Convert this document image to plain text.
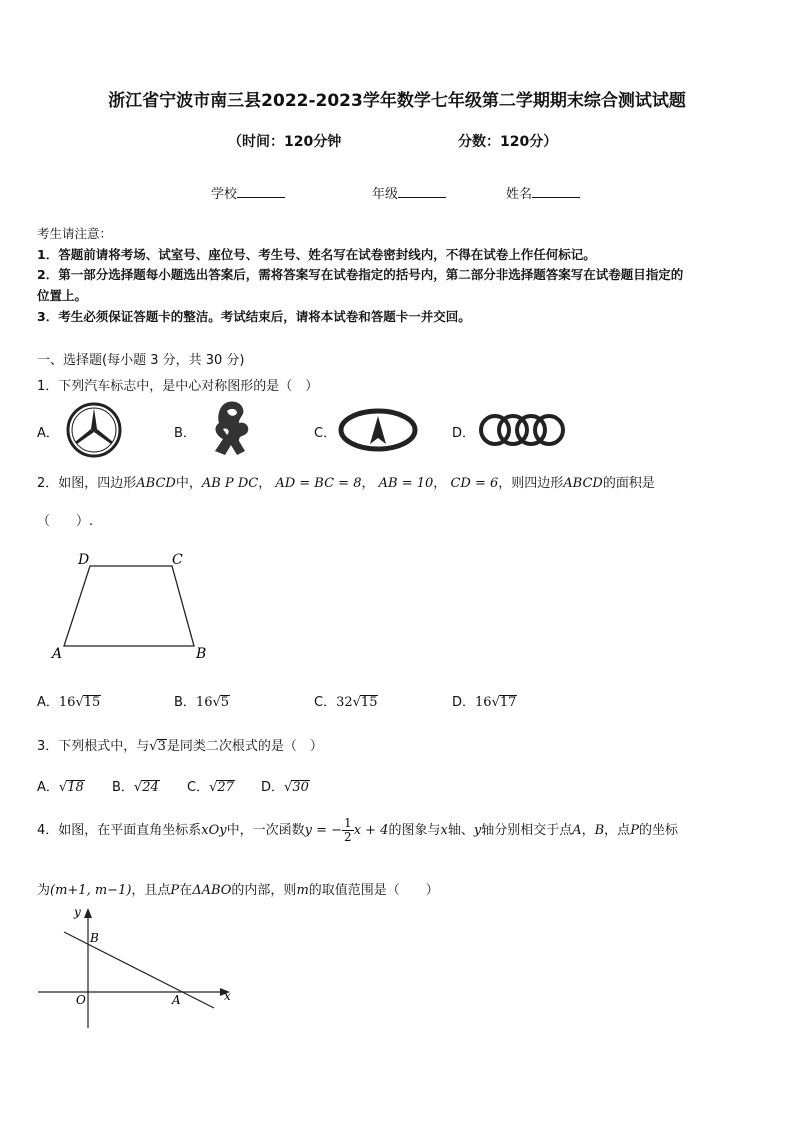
浙江省宁波市南三县2022-2023学年数学七年级第二学期期末综合测试试题
（时间：120分钟	分数：120分）
学校	年级	姓名
考生请注意：
1．答题前请将考场、试室号、座位号、考生号、姓名写在试卷密封线内，不得在试卷上作任何标记。
2．第一部分选择题每小题选出答案后，需将答案写在试卷指定的括号内，第二部分非选择题答案写在试卷题目指定的
位置上。
3．考生必须保证答题卡的整洁。考试结束后，请将本试卷和答题卡一并交回。
一、选择题(每小题 3 分，共 30 分)
1．下列汽车标志中，是中心对称图形的是（　）
A．	B．	C．	D．
2．如图，四边形ABCD中，AB P DC， AD = BC = 8， AB = 10， CD = 6，则四边形ABCD的面积是
（　　）.
D	C
A	B
A．16√15	B．16√5	C．32√15	D．16√17
3．下列根式中，与√3是同类二次根式的是（　）
A．√18 B．√24 C．√27 D．√30
4．如图，在平面直角坐标系xOy中，一次函数y = − $\frac{1}{2}$ x + 4的图象与x轴、y轴分别相交于点A，B，点P的坐标
为(m+1, m−1)，且点P在ΔABO的内部，则m的取值范围是（　　）
y
x
O	A
B
